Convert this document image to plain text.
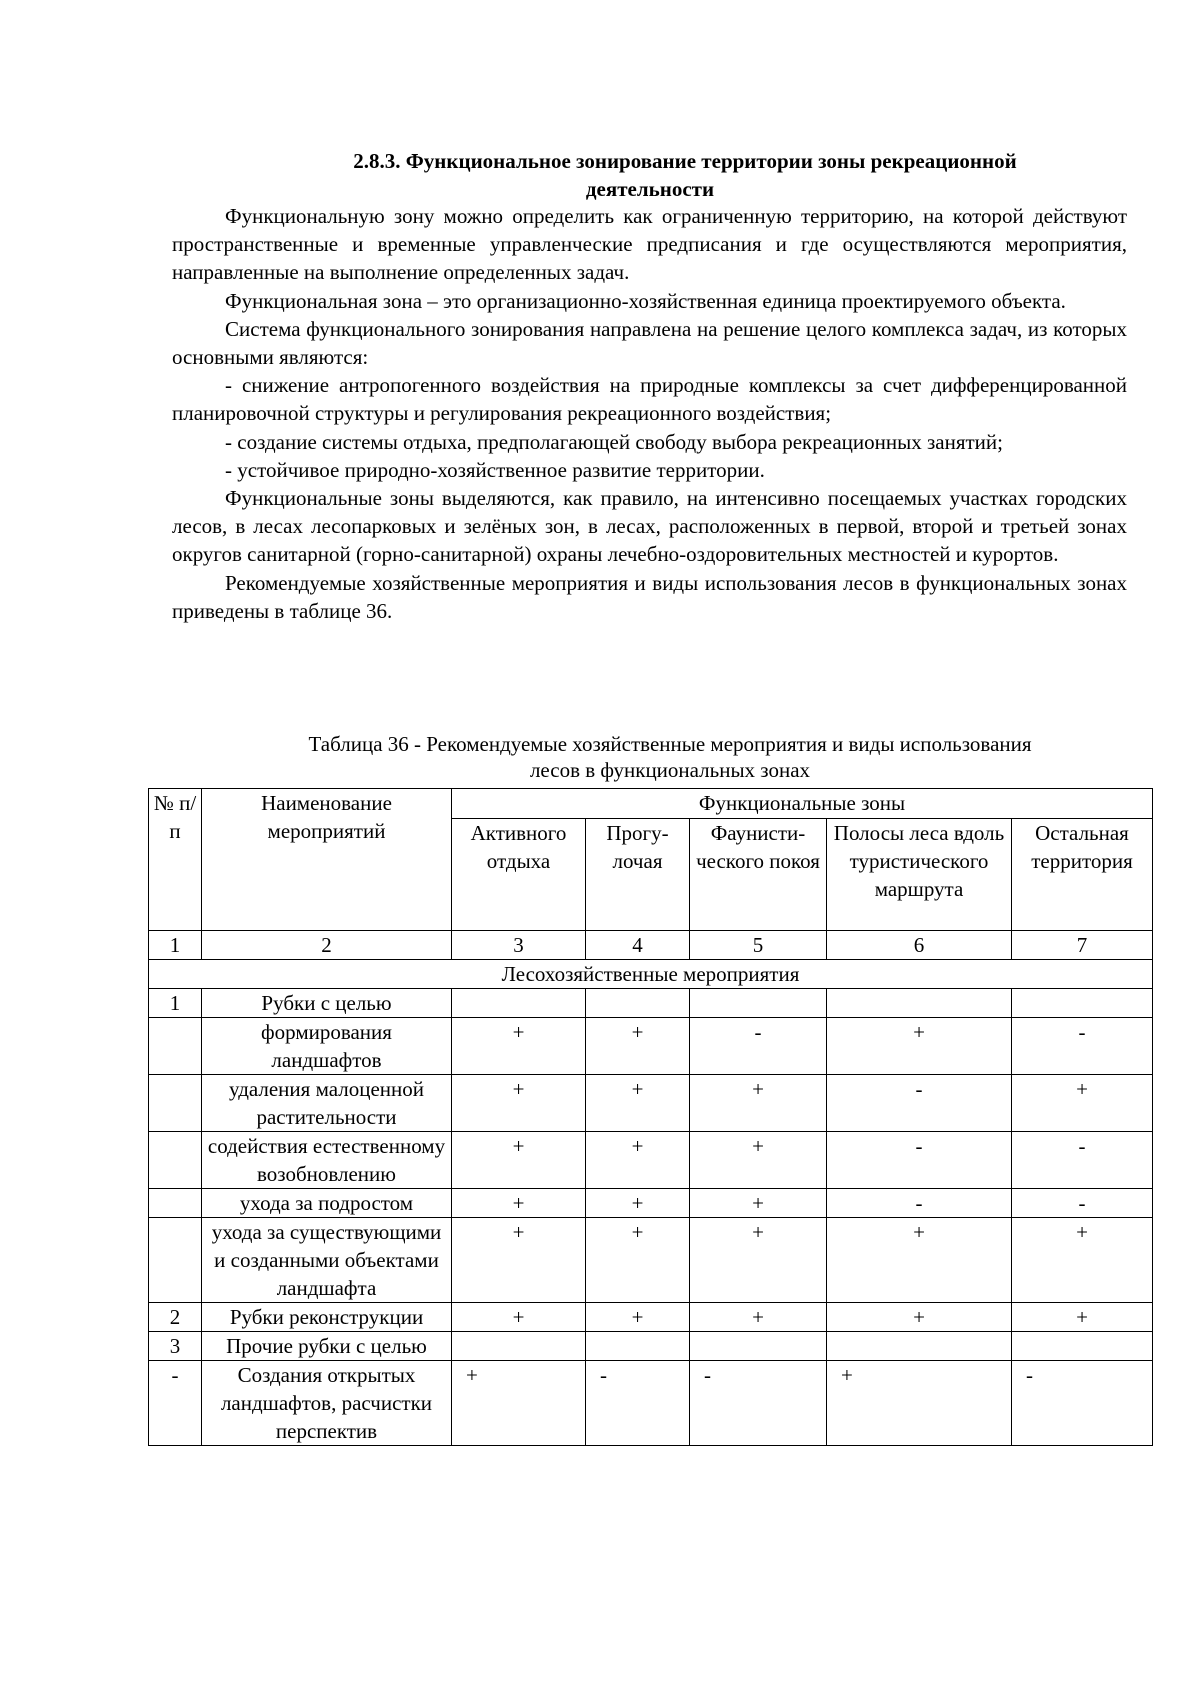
2.8.3. Функциональное зонирование территории зоны рекреационной
деятельности

Функциональную зону можно определить как ограниченную территорию, на которой действуют пространственные и временные управленческие предписания и где осуществляются мероприятия, направленные на выполнение определенных задач.

Функциональная зона – это организационно-хозяйственная единица проектируемого объекта.

Система функционального зонирования направлена на решение целого комплекса задач, из которых основными являются:

- снижение антропогенного воздействия на природные комплексы за счет дифференцированной планировочной структуры и регулирования рекреационного воздействия;

- создание системы отдыха, предполагающей свободу выбора рекреационных занятий;

- устойчивое природно-хозяйственное развитие территории.

Функциональные зоны выделяются, как правило, на интенсивно посещаемых участках городских лесов, в лесах лесопарковых и зелёных зон, в лесах, расположенных в первой, второй и третьей зонах округов санитарной (горно-санитарной) охраны лечебно-оздоровительных местностей и курортов.

Рекомендуемые хозяйственные мероприятия и виды использования лесов в функциональных зонах приведены в таблице 36.

Таблица 36 - Рекомендуемые хозяйственные мероприятия и виды использования
лесов в функциональных зонах
№ п/п	Наименование мероприятий	Функциональные зоны				
		Активного отдыха	Прогу-лочая	Фаунисти-ческого покоя	Полосы леса вдоль туристического маршрута	Остальная территория
1	2	3	4	5	6	7
Лесохозяйственные мероприятия						
1	Рубки с целью					
	формирования ландшафтов	+	+	-	+	-
	удаления малоценной растительности	+	+	+	-	+
	содействия естественному возобновлению	+	+	+	-	-
	ухода за подростом	+	+	+	-	-
	ухода за существующими и созданными объектами ландшафта	+	+	+	+	+
2	Рубки реконструкции	+	+	+	+	+
3	Прочие рубки с целью					
-	Создания открытых ландшафтов, расчистки перспектив	+	-	-	+	-
